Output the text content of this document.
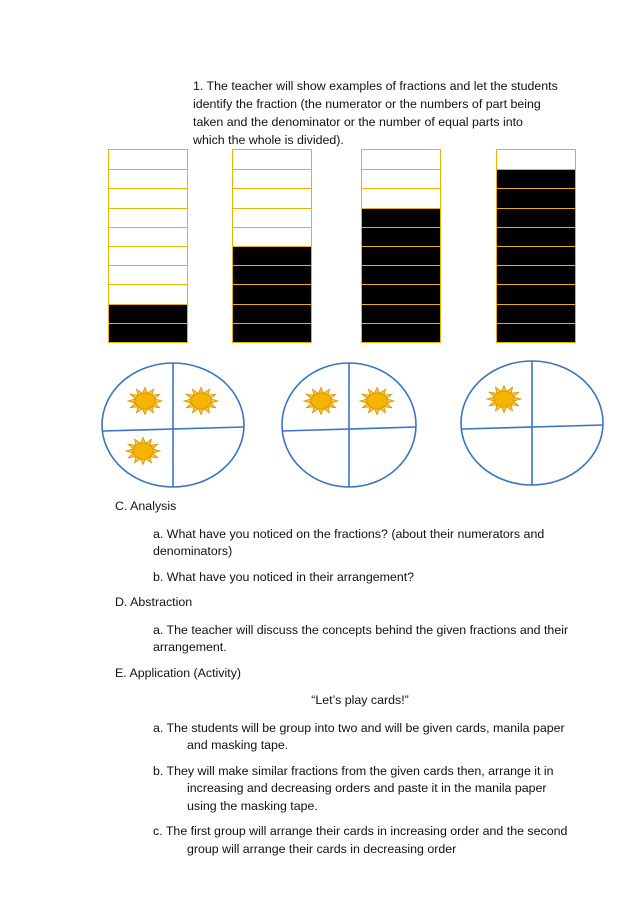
1. The teacher will show examples of fractions and let the students identify the fraction (the numerator or the numbers of part being taken and the denominator or the number of equal parts into which the whole is divided).

C. Analysis

a. What have you noticed on the fractions? (about their numerators and denominators)

b. What have you noticed in their arrangement?

D. Abstraction

a. The teacher will discuss the concepts behind the given fractions and their arrangement.

E. Application (Activity)

“Let’s play cards!”

a. The students will be group into two and will be given cards, manila paper and masking tape.

b. They will make similar fractions from the given cards then, arrange it in increasing and decreasing orders and paste it in the manila paper using the masking tape.

c. The first group will arrange their cards in increasing order and the second group will arrange their cards in decreasing order
